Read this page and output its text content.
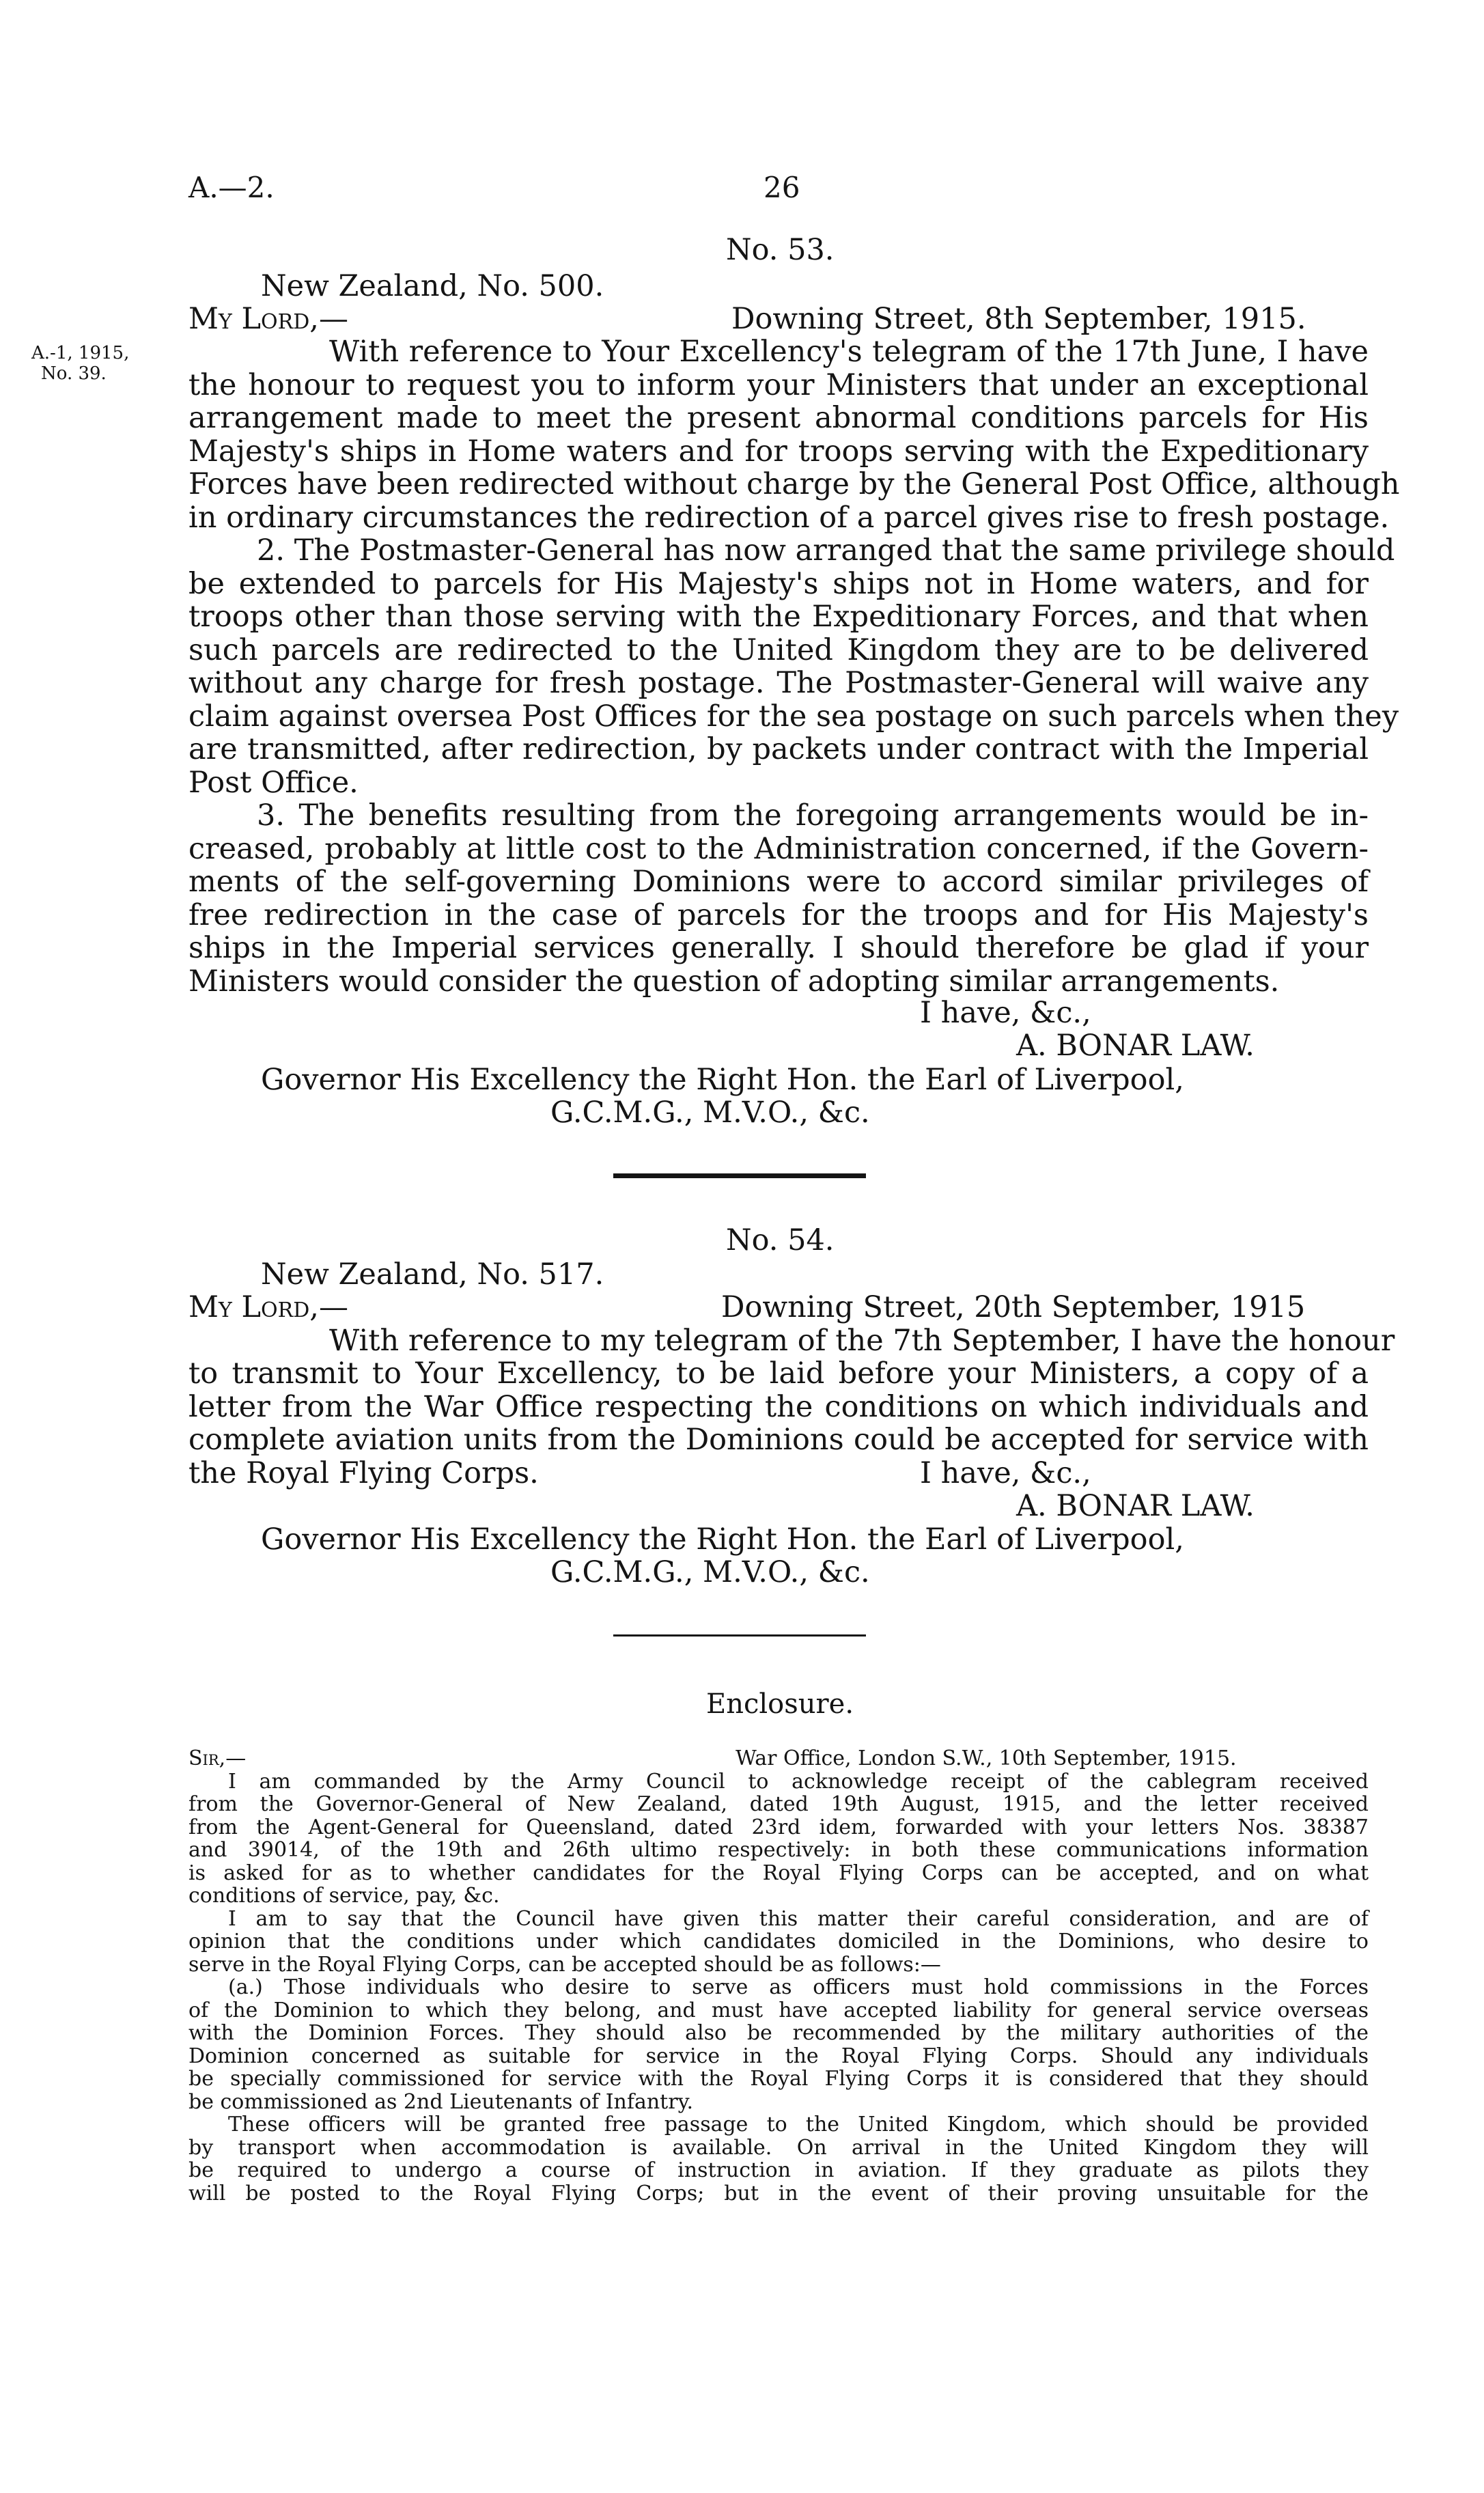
A.—2.	26
No. 53.
New Zealand, No. 500.
My Lord,—	Downing Street, 8th September, 1915.
A.-1, 1915,
No. 39.
With reference to Your Excellency's telegram of the 17th June, I have
the honour to request you to inform your Ministers that under an exceptional
arrangement made to meet the present abnormal conditions parcels for His
Majesty's ships in Home waters and for troops serving with the Expeditionary
Forces have been redirected without charge by the General Post Office, although
in ordinary circumstances the redirection of a parcel gives rise to fresh postage.
2. The Postmaster-General has now arranged that the same privilege should
be extended to parcels for His Majesty's ships not in Home waters, and for
troops other than those serving with the Expeditionary Forces, and that when
such parcels are redirected to the United Kingdom they are to be delivered
without any charge for fresh postage. The Postmaster-General will waive any
claim against oversea Post Offices for the sea postage on such parcels when they
are transmitted, after redirection, by packets under contract with the Imperial
Post Office.
3. The benefits resulting from the foregoing arrangements would be in-
creased, probably at little cost to the Administration concerned, if the Govern-
ments of the self-governing Dominions were to accord similar privileges of
free redirection in the case of parcels for the troops and for His Majesty's
ships in the Imperial services generally. I should therefore be glad if your
Ministers would consider the question of adopting similar arrangements.
I have, &c.,
A. BONAR LAW.
Governor His Excellency the Right Hon. the Earl of Liverpool,
G.C.M.G., M.V.O., &c.
No. 54.
New Zealand, No. 517.
My Lord,—	Downing Street, 20th September, 1915
With reference to my telegram of the 7th September, I have the honour
to transmit to Your Excellency, to be laid before your Ministers, a copy of a
letter from the War Office respecting the conditions on which individuals and
complete aviation units from the Dominions could be accepted for service with
the Royal Flying Corps.	I have, &c.,
A. BONAR LAW.
Governor His Excellency the Right Hon. the Earl of Liverpool,
G.C.M.G., M.V.O., &c.
Enclosure.
Sir,—	War Office, London S.W., 10th September, 1915.
I am commanded by the Army Council to acknowledge receipt of the cablegram received
from the Governor-General of New Zealand, dated 19th August, 1915, and the letter received
from the Agent-General for Queensland, dated 23rd idem, forwarded with your letters Nos. 38387
and 39014, of the 19th and 26th ultimo respectively: in both these communications information
is asked for as to whether candidates for the Royal Flying Corps can be accepted, and on what
conditions of service, pay, &c.
I am to say that the Council have given this matter their careful consideration, and are of
opinion that the conditions under which candidates domiciled in the Dominions, who desire to
serve in the Royal Flying Corps, can be accepted should be as follows:—
(a.) Those individuals who desire to serve as officers must hold commissions in the Forces
of the Dominion to which they belong, and must have accepted liability for general service overseas
with the Dominion Forces. They should also be recommended by the military authorities of the
Dominion concerned as suitable for service in the Royal Flying Corps. Should any individuals
be specially commissioned for service with the Royal Flying Corps it is considered that they should
be commissioned as 2nd Lieutenants of Infantry.
These officers will be granted free passage to the United Kingdom, which should be provided
by transport when accommodation is available. On arrival in the United Kingdom they will
be required to undergo a course of instruction in aviation. If they graduate as pilots they
will be posted to the Royal Flying Corps; but in the event of their proving unsuitable for the
